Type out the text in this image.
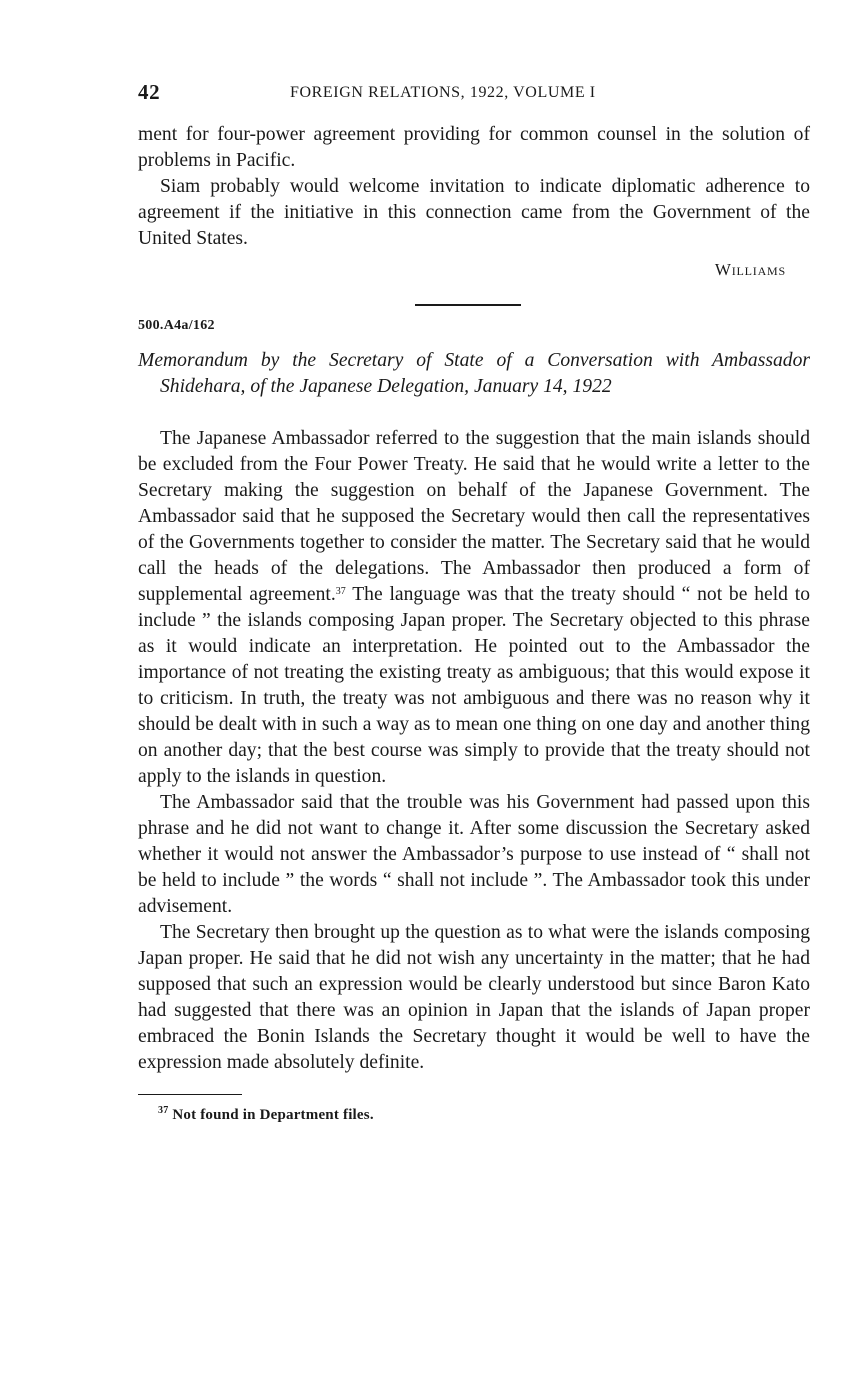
42	FOREIGN RELATIONS, 1922, VOLUME I

ment for four-power agreement providing for common counsel in the solution of problems in Pacific.

Siam probably would welcome invitation to indicate diplomatic adherence to agreement if the initiative in this connection came from the Government of the United States.

Williams
500.A4a/162
Memorandum by the Secretary of State of a Conversation with Ambassador Shidehara, of the Japanese Delegation, January 14, 1922

The Japanese Ambassador referred to the suggestion that the main islands should be excluded from the Four Power Treaty. He said that he would write a letter to the Secretary making the suggestion on behalf of the Japanese Government. The Ambassador said that he supposed the Secretary would then call the representatives of the Governments together to consider the matter. The Secretary said that he would call the heads of the delegations. The Ambassador then produced a form of supplemental agreement.$^{37}$ The language was that the treaty should “ not be held to include ” the islands composing Japan proper. The Secretary objected to this phrase as it would indicate an interpretation. He pointed out to the Ambassador the importance of not treating the existing treaty as ambiguous; that this would expose it to criticism. In truth, the treaty was not ambiguous and there was no reason why it should be dealt with in such a way as to mean one thing on one day and another thing on another day; that the best course was simply to provide that the treaty should not apply to the islands in question.

The Ambassador said that the trouble was his Government had passed upon this phrase and he did not want to change it. After some discussion the Secretary asked whether it would not answer the Ambassador’s purpose to use instead of “ shall not be held to include ” the words “ shall not include ”. The Ambassador took this under advisement.

The Secretary then brought up the question as to what were the islands composing Japan proper. He said that he did not wish any uncertainty in the matter; that he had supposed that such an expression would be clearly understood but since Baron Kato had suggested that there was an opinion in Japan that the islands of Japan proper embraced the Bonin Islands the Secretary thought it would be well to have the expression made absolutely definite.

$^{37}$ Not found in Department files.
